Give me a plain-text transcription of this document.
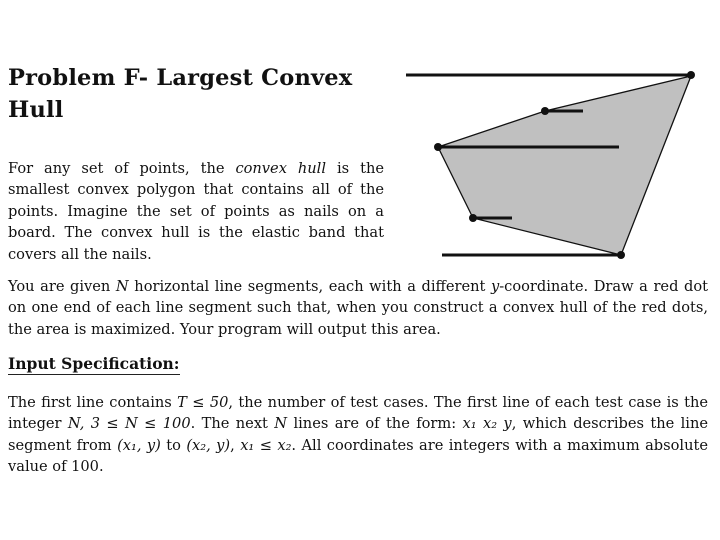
Problem F- Largest Convex Hull

For any set of points, the convex hull is the smallest convex polygon that contains all of the points. Imagine the set of points as nails on a board. The convex hull is the elastic band that covers all the nails.

You are given N horizontal line segments, each with a different y-coordinate. Draw a red dot on one end of each line segment such that, when you construct a convex hull of the red dots, the area is maximized. Your program will output this area.

Input Specification:

The first line contains T ≤ 50, the number of test cases. The first line of each test case is the integer N, 3 ≤ N ≤ 100. The next N lines are of the form: x₁ x₂ y, which describes the line segment from (x₁, y) to (x₂, y), x₁ ≤ x₂. All coordinates are integers with a maximum absolute value of 100.
